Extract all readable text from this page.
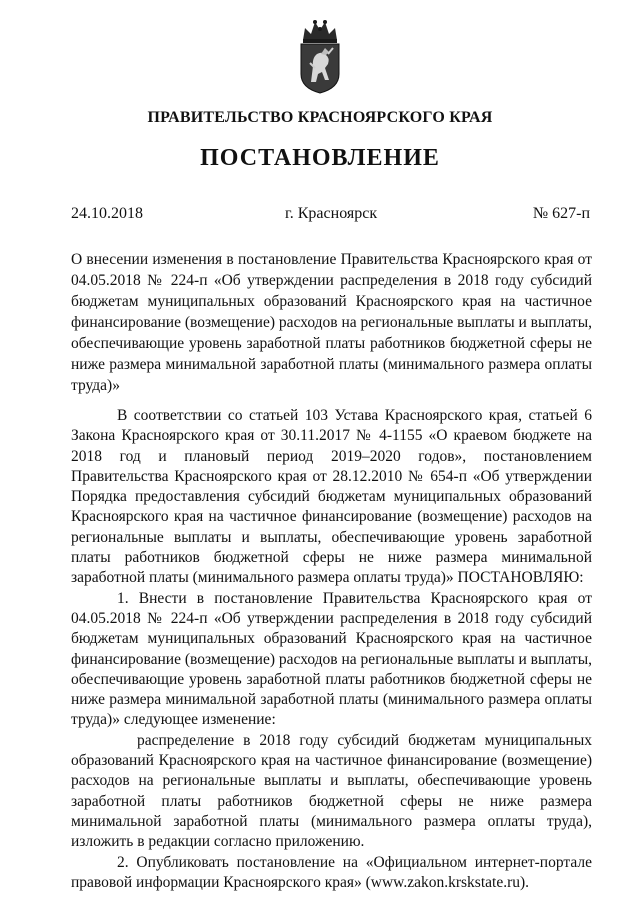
ПРАВИТЕЛЬСТВО КРАСНОЯРСКОГО КРАЯ
ПОСТАНОВЛЕНИЕ
24.10.2018	г. Красноярск	№ 627-п
О внесении изменения в постановление Правительства Красноярского края от 04.05.2018 № 224-п «Об утверждении распределения в 2018 году субсидий бюджетам муниципальных образований Красноярского края на частичное финансирование (возмещение) расходов на региональные выплаты и выплаты, обеспечивающие уровень заработной платы работников бюджетной сферы не ниже размера минимальной заработной платы (минимального размера оплаты труда)»

В соответствии со статьей 103 Устава Красноярского края, статьей 6 Закона Красноярского края от 30.11.2017 № 4-1155 «О краевом бюджете на 2018 год и плановый период 2019–2020 годов», постановлением Правительства Красноярского края от 28.12.2010 № 654-п «Об утверждении Порядка предоставления субсидий бюджетам муниципальных образований Красноярского края на частичное финансирование (возмещение) расходов на региональные выплаты и выплаты, обеспечивающие уровень заработной платы работников бюджетной сферы не ниже размера минимальной заработной платы (минимального размера оплаты труда)» ПОСТАНОВЛЯЮ:

1. Внести в постановление Правительства Красноярского края от 04.05.2018 № 224-п «Об утверждении распределения в 2018 году субсидий бюджетам муниципальных образований Красноярского края на частичное финансирование (возмещение) расходов на региональные выплаты и выплаты, обеспечивающие уровень заработной платы работников бюджетной сферы не ниже размера минимальной заработной платы (минимального размера оплаты труда)» следующее изменение:

распределение в 2018 году субсидий бюджетам муниципальных образований Красноярского края на частичное финансирование (возмещение) расходов на региональные выплаты и выплаты, обеспечивающие уровень заработной платы работников бюджетной сферы не ниже размера минимальной заработной платы (минимального размера оплаты труда), изложить в редакции согласно приложению.

2. Опубликовать постановление на «Официальном интернет-портале правовой информации Красноярского края» (www.zakon.krskstate.ru).
